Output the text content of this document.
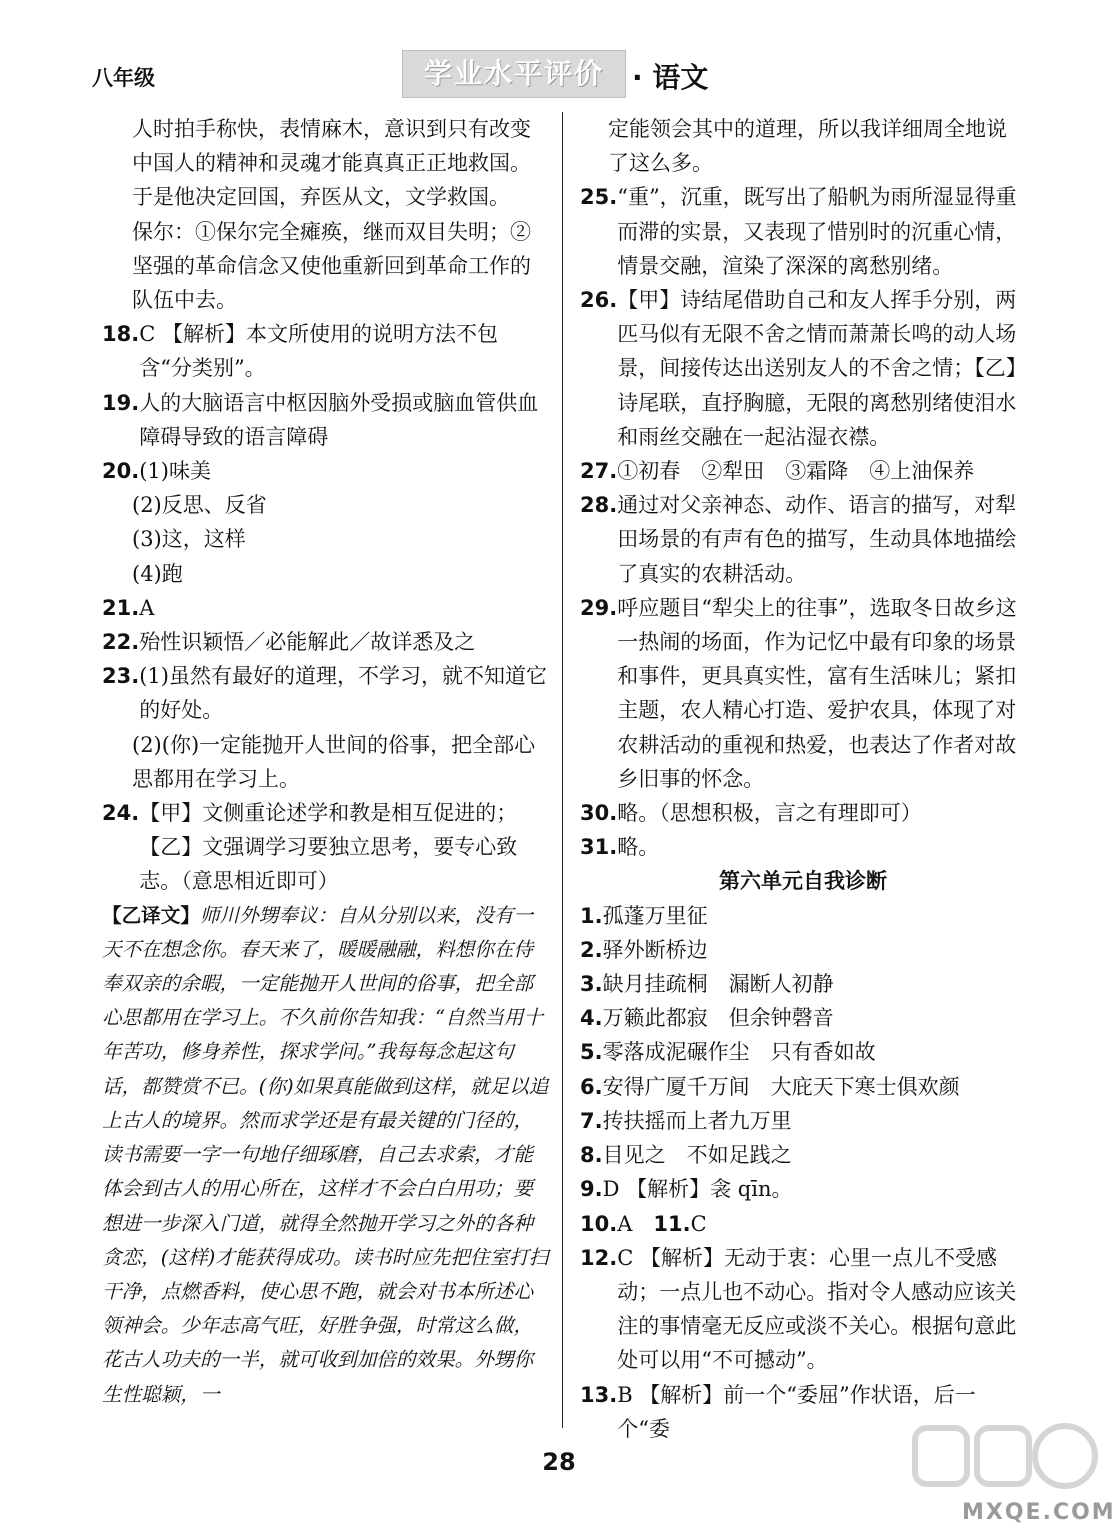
八年级	学业水平评价	· 语文
人时拍手称快，表情麻木，意识到只有改变中国人的精神和灵魂才能真真正正地救国。于是他决定回国，弃医从文，文学救国。
保尔：①保尔完全瘫痪，继而双目失明；②坚强的革命信念又使他重新回到革命工作的队伍中去。
18. C 【解析】本文所使用的说明方法不包含“分类别”。
19. 人的大脑语言中枢因脑外受损或脑血管供血障碍导致的语言障碍
20. (1)味美
(2)反思、反省
(3)这，这样
(4)跑
21. A
22. 殆性识颖悟／必能解此／故详悉及之
23. (1)虽然有最好的道理，不学习，就不知道它的好处。
(2)(你)一定能抛开人世间的俗事，把全部心思都用在学习上。
24. 【甲】文侧重论述学和教是相互促进的；【乙】文强调学习要独立思考，要专心致志。（意思相近即可）
【乙译文】师川外甥奉议：自从分别以来，没有一天不在想念你。春天来了，暖暖融融，料想你在侍奉双亲的余暇，一定能抛开人世间的俗事，把全部心思都用在学习上。不久前你告知我：“自然当用十年苦功，修身养性，探求学问。”我每每念起这句话，都赞赏不已。(你)如果真能做到这样，就足以追上古人的境界。然而求学还是有最关键的门径的，读书需要一字一句地仔细琢磨，自己去求索，才能体会到古人的用心所在，这样才不会白白用功；要想进一步深入门道，就得全然抛开学习之外的各种贪恋，(这样)才能获得成功。读书时应先把住室打扫干净，点燃香料，使心思不跑，就会对书本所述心领神会。少年志高气旺，好胜争强，时常这么做，花古人功夫的一半，就可收到加倍的效果。外甥你生性聪颖，一
定能领会其中的道理，所以我详细周全地说了这么多。
25. “重”，沉重，既写出了船帆为雨所湿显得重而滞的实景，又表现了惜别时的沉重心情，情景交融，渲染了深深的离愁别绪。
26. 【甲】诗结尾借助自己和友人挥手分别，两匹马似有无限不舍之情而萧萧长鸣的动人场景，间接传达出送别友人的不舍之情；【乙】诗尾联，直抒胸臆，无限的离愁别绪使泪水和雨丝交融在一起沾湿衣襟。
27. ①初春　②犁田　③霜降　④上油保养
28. 通过对父亲神态、动作、语言的描写，对犁田场景的有声有色的描写，生动具体地描绘了真实的农耕活动。
29. 呼应题目“犁尖上的往事”，选取冬日故乡这一热闹的场面，作为记忆中最有印象的场景和事件，更具真实性，富有生活味儿；紧扣主题，农人精心打造、爱护农具，体现了对农耕活动的重视和热爱，也表达了作者对故乡旧事的怀念。
30. 略。（思想积极，言之有理即可）
31. 略。
第六单元自我诊断
1. 孤蓬万里征
2. 驿外断桥边
3. 缺月挂疏桐　漏断人初静
4. 万籁此都寂　但余钟磬音
5. 零落成泥碾作尘　只有香如故
6. 安得广厦千万间　大庇天下寒士俱欢颜
7. 抟扶摇而上者九万里
8. 目见之　不如足践之
9. D 【解析】衾 qīn。
10. A　 11. C
12. C 【解析】无动于衷：心里一点儿不受感动；一点儿也不动心。指对令人感动应该关注的事情毫无反应或淡不关心。根据句意此处可以用“不可撼动”。
13. B 【解析】前一个“委屈”作状语，后一个“委
28
MXQE.COM
